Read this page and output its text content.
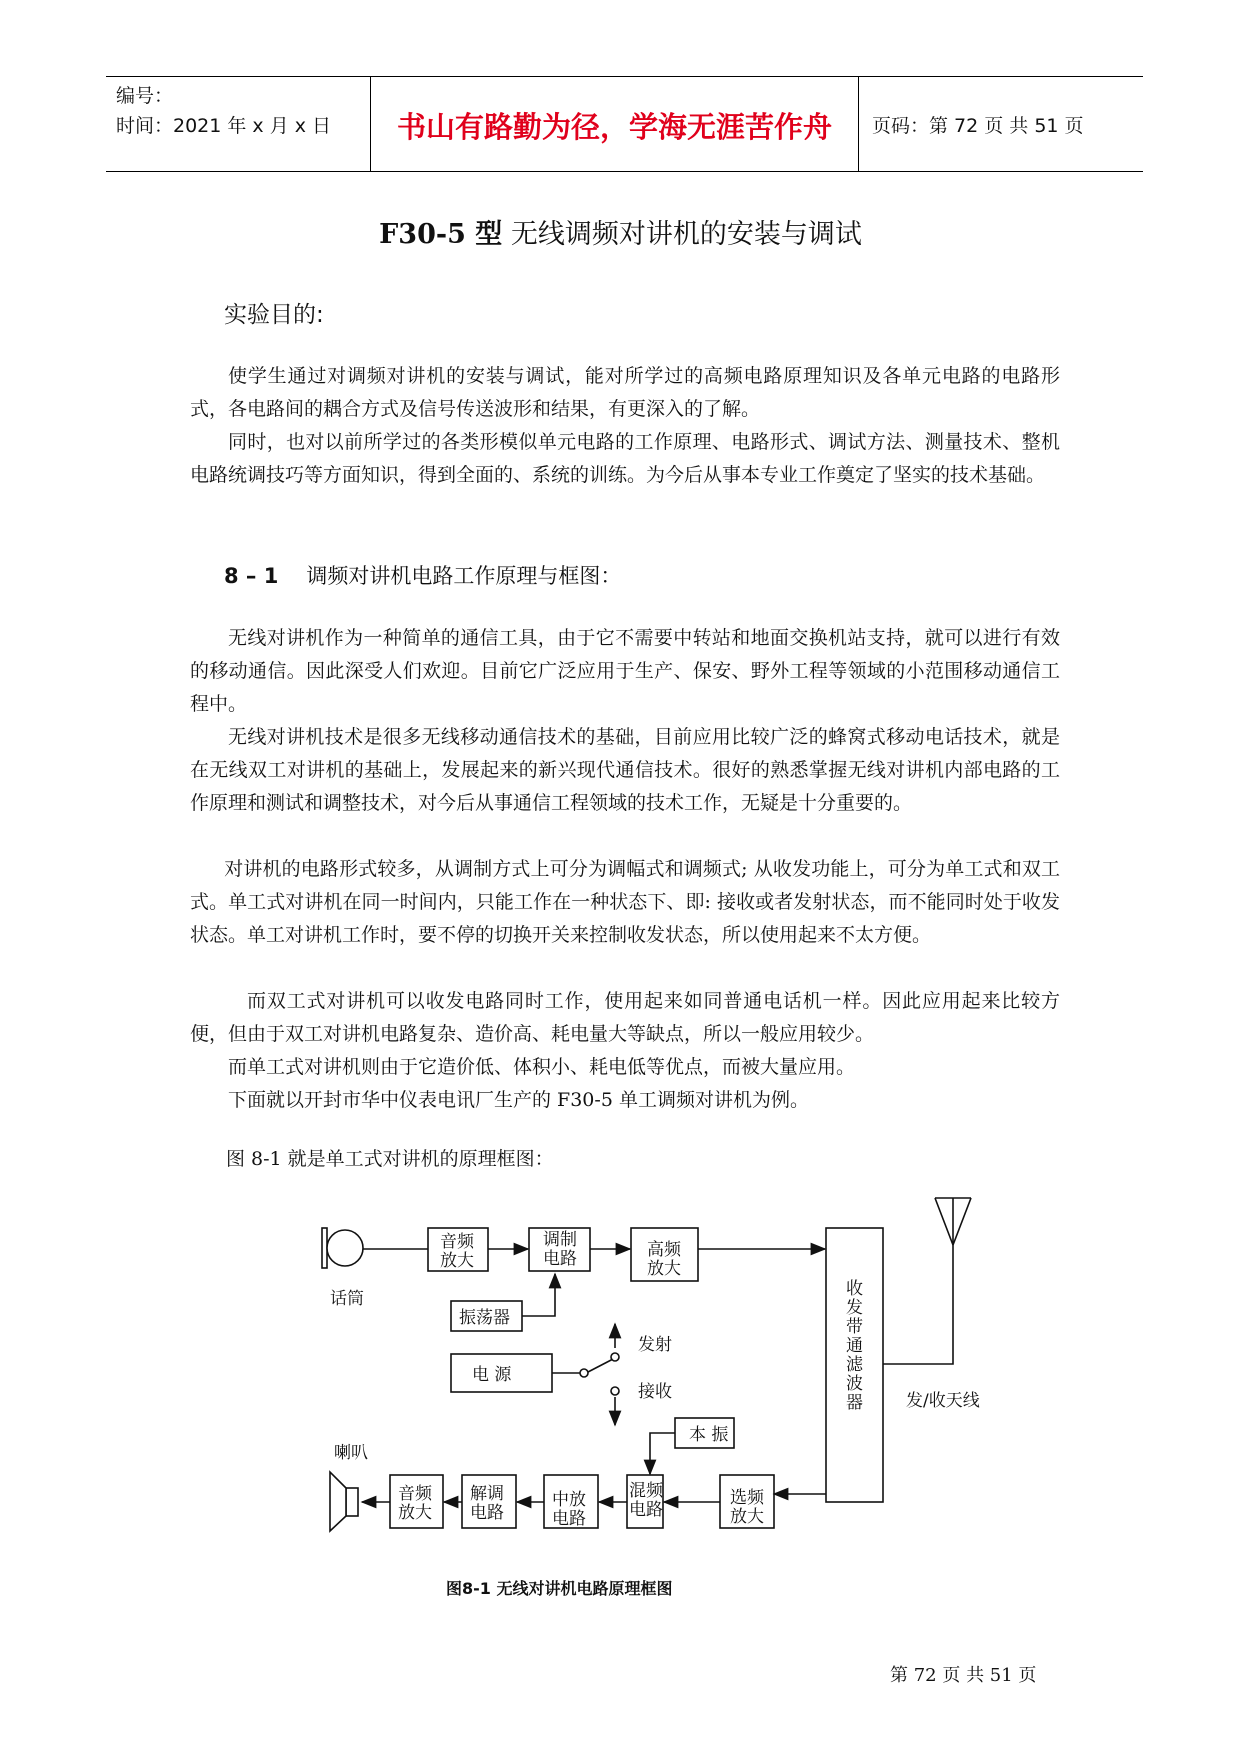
编号：
时间：2021 年 x 月 x 日	书山有路勤为径，学海无涯苦作舟	页码：第 72 页 共 51 页
F30-5 型 无线调频对讲机的安装与调试
实验目的:
使学生通过对调频对讲机的安装与调试，能对所学过的高频电路原理知识及各单元电路的电路形式，各电路间的耦合方式及信号传送波形和结果，有更深入的了解。
同时，也对以前所学过的各类形模似单元电路的工作原理、电路形式、调试方法、测量技术、整机电路统调技巧等方面知识，得到全面的、系统的训练。为今后从事本专业工作奠定了坚实的技术基础。
8 – 1 调频对讲机电路工作原理与框图：
无线对讲机作为一种简单的通信工具，由于它不需要中转站和地面交换机站支持，就可以进行有效的移动通信。因此深受人们欢迎。目前它广泛应用于生产、保安、野外工程等领域的小范围移动通信工程中。
无线对讲机技术是很多无线移动通信技术的基础，目前应用比较广泛的蜂窝式移动电话技术，就是在无线双工对讲机的基础上，发展起来的新兴现代通信技术。很好的熟悉掌握无线对讲机内部电路的工作原理和测试和调整技术，对今后从事通信工程领域的技术工作，无疑是十分重要的。
对讲机的电路形式较多，从调制方式上可分为调幅式和调频式; 从收发功能上，可分为单工式和双工式。单工式对讲机在同一时间内，只能工作在一种状态下、即: 接收或者发射状态，而不能同时处于收发状态。单工对讲机工作时，要不停的切换开关来控制收发状态，所以使用起来不太方便。
而双工式对讲机可以收发电路同时工作，使用起来如同普通电话机一样。因此应用起来比较方便，但由于双工对讲机电路复杂、造价高、耗电量大等缺点，所以一般应用较少。
而单工式对讲机则由于它造价低、体积小、耗电低等优点，而被大量应用。
下面就以开封市华中仪表电讯厂生产的 F30-5 单工调频对讲机为例。
图 8-1 就是单工式对讲机的原理框图：
话筒
音频
放大
调制
电路	高频
放大
振荡器
电 源
发射
接收
收
发
带
通
滤
波
器	发/收天线
本 振
喇叭
音频
放大
解调
电路
中放
电路
混频
电路
选频
放大
图8-1 无线对讲机电路原理框图
第 72 页 共 51 页
